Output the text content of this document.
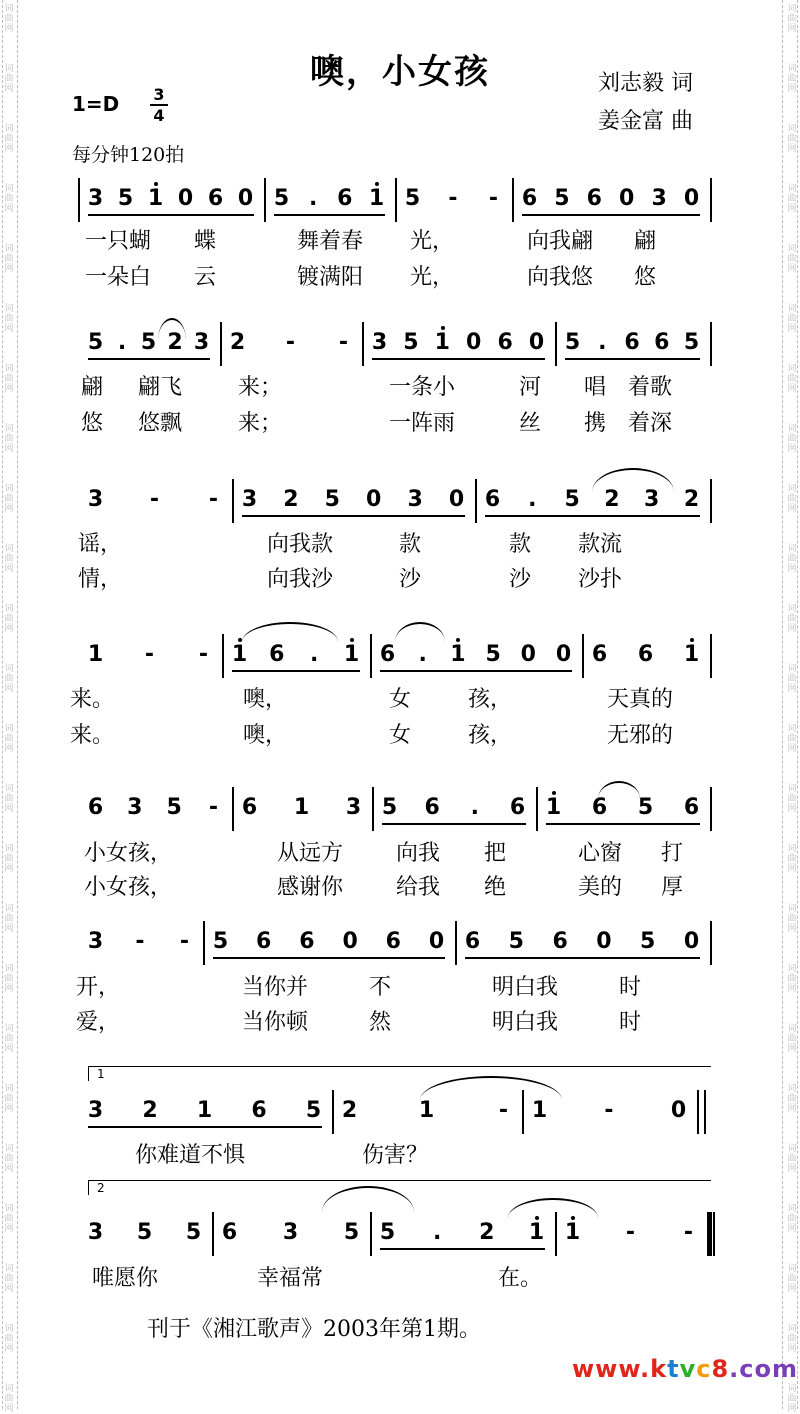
词
曲
网
词
曲
网
词
曲
网
词
曲
网
词
曲
网
词
曲
网
词
曲
网
词
曲
网
词
曲
网
词
曲
网
词
曲
网
词
曲
网
词
曲
网
词
曲
网
词
曲
网
词
曲
网
词
曲
网
词
曲
网
词
曲
网
词
曲
网
词
曲
网
词
曲
网
词
曲
网
词
曲
网
词
曲
网
词
曲
网
词
曲
网
词
曲
网
词
曲
网
词
曲
网
词
曲
网
词
曲
网
词
曲
网
词
曲
网
词
曲
网
词
曲
网
词
曲
网
词
曲
网
词
曲
网
词
曲
网
词
曲
网
词
曲
网
词
曲
网
词
曲
网
词
曲
网
词
曲
网
词
曲
网
词
曲
网
噢，小女孩	刘志毅 词
姜金富 曲
1=D 3
4
每分钟120拍
3 5 1 0 6 0 5 . 6 1 5 - - 6 5 6 0 3 0
一只蝴 蝶	舞着春 光，	向我翩 翩
一朵白 云	镀满阳 光，	向我悠 悠
5 . 5 2 3 2 - - 3 5 1 0 6 0 5 . 6 6 5
翩 翩飞	来；	一条小	河 唱 着歌
悠 悠飘	来；	一阵雨	丝 携 着深
3 - - 3 2 5 0 3 0 6 . 5 2 3 2
谣，	向我款	款	款 款流
情，	向我沙	沙	沙 沙扑
1 - - 1 6 . 1 6 . 1 5 0 0 6 6 1
来。	噢，	女	孩，	天真的
来。	噢，	女	孩，	无邪的
6 3 5 - 6 1 3 5 6 . 6 1 6 5 6
小女孩，	从远方 向我 把	心窗 打
小女孩，	感谢你 给我 绝	美的 厚
3 - - 5 6 6 0 6 0 6 5 6 0 5 0
开，	当你并	不	明白我	时
爱，	当你顿	然	明白我	时
3 2 1 6 5 2	1	- 1	-	0
你难道不惧	伤害？
1
3 5 5 6 3 5 5 . 2 1 1 - -
唯愿你	幸福常	在。
2
刊于《湘江歌声》2003年第1期。
www.ktvc8.com
